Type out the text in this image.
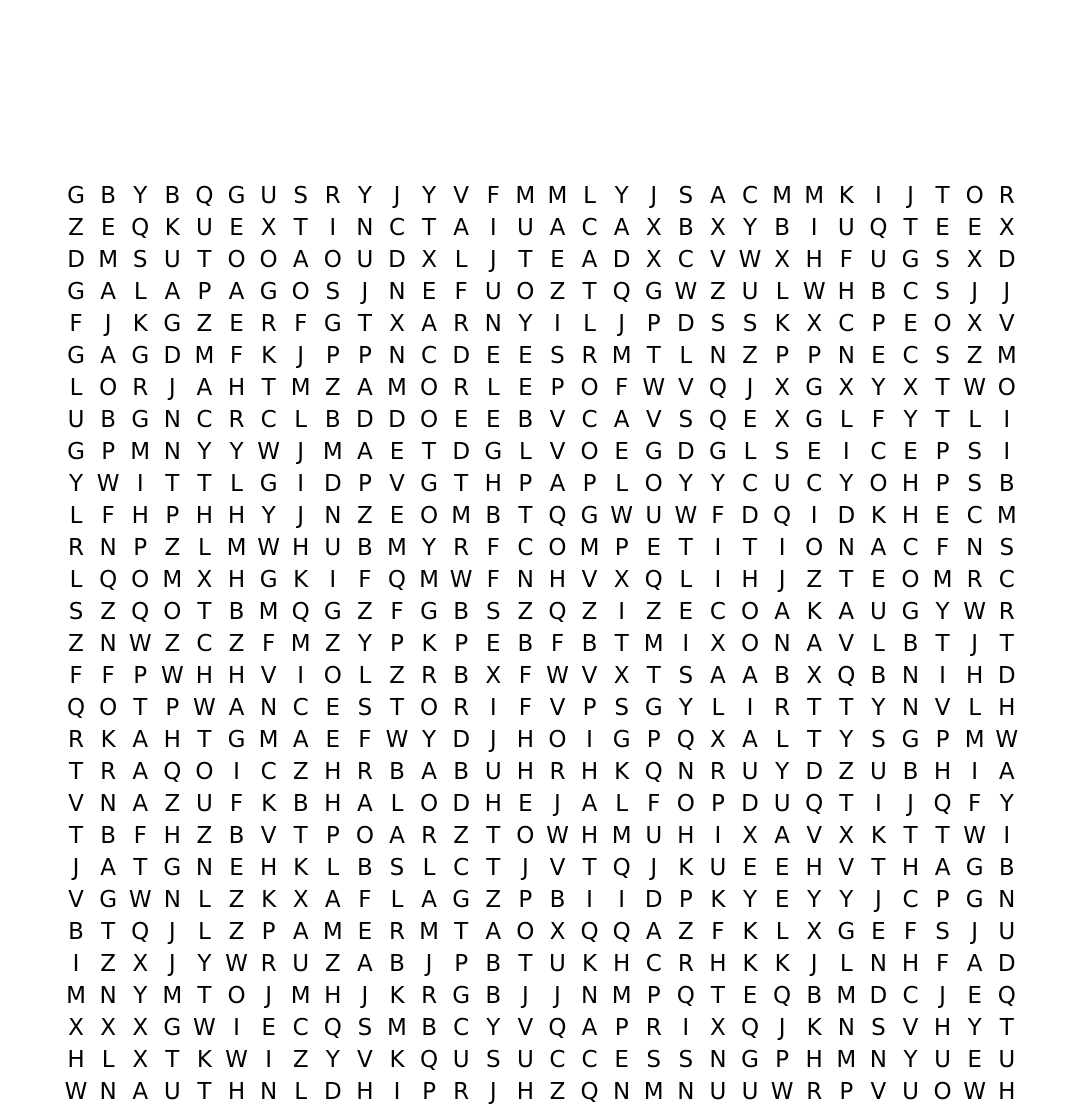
G B Y B Q G U S R Y J Y V F M M L Y J S A C M M K I	J T O R
Z E Q K U E X T I N C T A I U A C A X B X Y B I U Q T E E X
D M S U T O O A O U D X L J T E A D X C V W X H F U G S X D
G A L A P A G O S J N E F U O Z T Q G W Z U L W H B C S J	J
F J K G Z E R F G T X A R N Y I L J P D S S K X C P E O X V
G A G D M F K J P P N C D E E S R M T L N Z P P N E C S Z M
L O R J A H T M Z A M O R L E P O F W V Q J X G X Y X T W O
U B G N C R C L B D D O E E B V C A V S Q E X G L F Y T L I
G P M N Y Y W J M A E T D G L V O E G D G L S E I C E P S I
Y W I T T L G I D P V G T H P A P L O Y Y C U C Y O H P S B
L F H P H H Y J N Z E O M B T Q G W U W F D Q I D K H E C M
R N P Z L M W H U B M Y R F C O M P E T I T I O N A C F N S
L Q O M X H G K I F Q M W F N H V X Q L I H J Z T E O M R C
S Z Q O T B M Q G Z F G B S Z Q Z I Z E C O A K A U G Y W R
Z N W Z C Z F M Z Y P K P E B F B T M I X O N A V L B T J T
F F P W H H V I O L Z R B X F W V X T S A A B X Q B N I H D
Q O T P W A N C E S T O R I F V P S G Y L I R T T Y N V L H
R K A H T G M A E F W Y D J H O I G P Q X A L T Y S G P M W
T R A Q O I C Z H R B A B U H R H K Q N R U Y D Z U B H I A
V N A Z U F K B H A L O D H E J A L F O P D U Q T I	J Q F Y
T B F H Z B V T P O A R Z T O W H M U H I X A V X K T T W I
J A T G N E H K L B S L C T J V T Q J K U E E H V T H A G B
V G W N L Z K X A F L A G Z P B I	I D P K Y E Y Y J C P G N
B T Q J L Z P A M E R M T A O X Q Q A Z F K L X G E F S J U
I Z X J Y W R U Z A B J P B T U K H C R H K K J L N H F A D
M N Y M T O J M H J K R G B J	J N M P Q T E Q B M D C J E Q
X X X G W I E C Q S M B C Y V Q A P R I X Q J K N S V H Y T
H L X T K W I Z Y V K Q U S U C C E S S N G P H M N Y U E U
W N A U T H N L D H I P R J H Z Q N M N U U W R P V U O W H
